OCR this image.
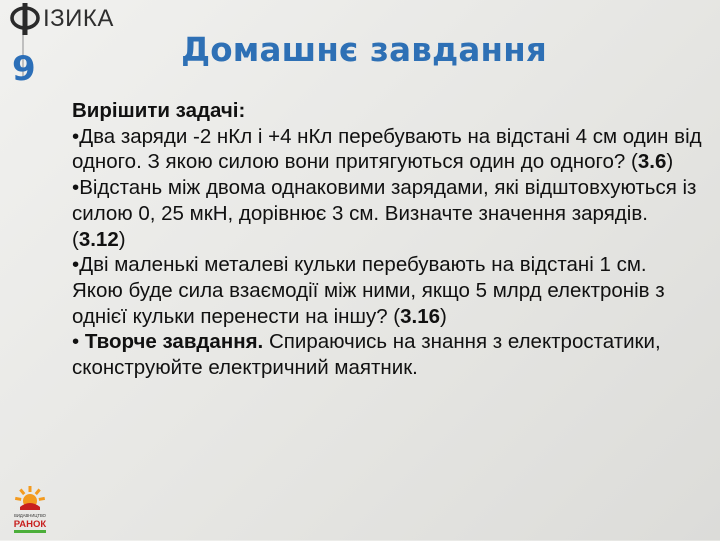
ІЗИКА
9	Домашнє завдання

Вирішити задачі:

•Два заряди -2 нКл і +4 нКл перебувають на відстані 4 см один від одного. З якою силою вони притягуються один до одного? (3.6)

•Відстань між двома однаковими зарядами, які відштовхуються із силою 0, 25 мкН, дорівнює 3 см. Визначте значення зарядів. (3.12)

•Дві маленькі металеві кульки перебувають на відстані 1 см. Якою буде сила взаємодії між ними, якщо 5 млрд електронів з однієї кульки перенести на іншу? (3.16)

• Творче завдання. Спираючись на знання з електростатики, сконструюйте електричний маятник.

ВИДАВНИЦТВО
РАНОК
